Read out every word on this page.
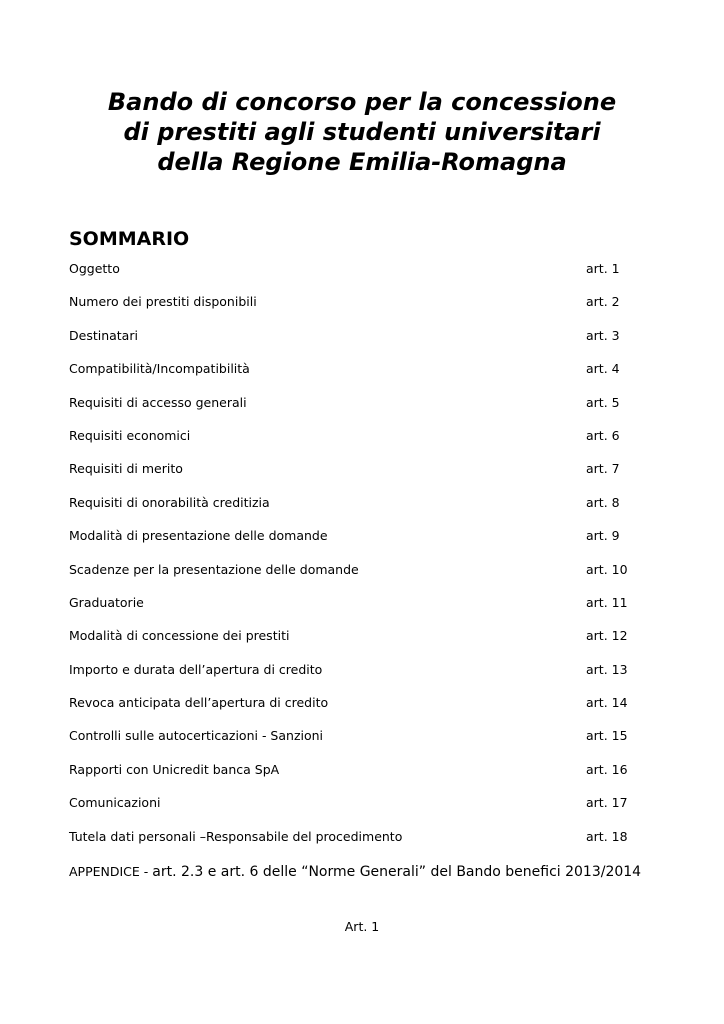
Bando di concorso per la concessione
di prestiti agli studenti universitari
della Regione Emilia-Romagna
SOMMARIO
Oggetto	art. 1
Numero dei prestiti disponibili	art. 2
Destinatari	art. 3
Compatibilità/Incompatibilità	art. 4
Requisiti di accesso generali	art. 5
Requisiti economici	art. 6
Requisiti di merito	art. 7
Requisiti di onorabilità creditizia	art. 8
Modalità di presentazione delle domande	art. 9
Scadenze per la presentazione delle domande	art. 10
Graduatorie	art. 11
Modalità di concessione dei prestiti	art. 12
Importo e durata dell’apertura di credito	art. 13
Revoca anticipata dell’apertura di credito	art. 14
Controlli sulle autocerticazioni - Sanzioni	art. 15
Rapporti con Unicredit banca SpA	art. 16
Comunicazioni	art. 17
Tutela dati personali –Responsabile del procedimento	art. 18
APPENDICE - art. 2.3 e art. 6 delle “Norme Generali” del Bando benefici 2013/2014
Art. 1
